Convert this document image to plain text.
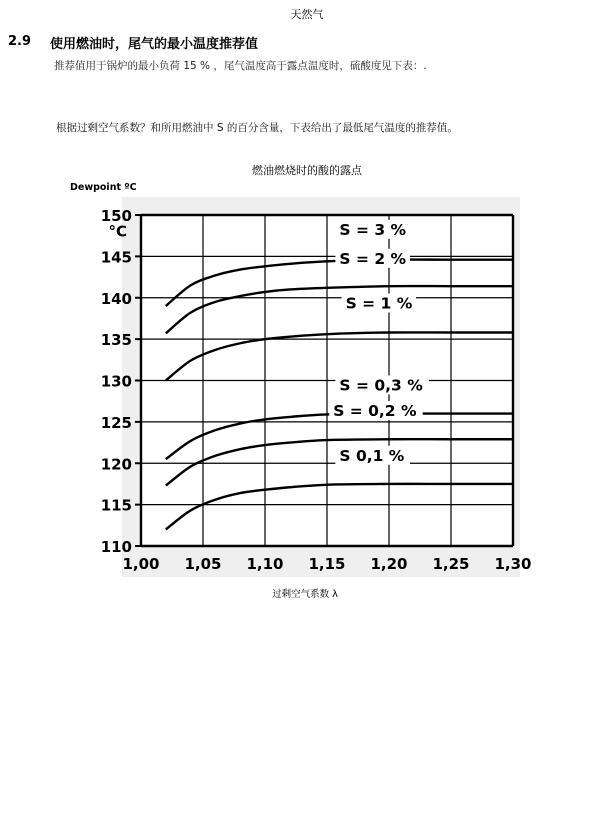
天然气
2.9 使用燃油时，尾气的最小温度推荐值
推荐值用于锅炉的最小负荷 15 % ，尾气温度高于露点温度时，硫酸度见下表：.
根据过剩空气系数？和所用燃油中 S 的百分含量，下表给出了最低尾气温度的推荐值。
燃油燃烧时的酸的露点
Dewpoint ºC
过剩空气系数 λ
S = 3 %
S = 2 %
S = 1 %
S = 0,3 %
S = 0,2 %
S 0,1 %
1,00 1,05 1,10 1,15 1,20 1,25 1,30
110
115
120
125
130
135
140
145
150
°C
